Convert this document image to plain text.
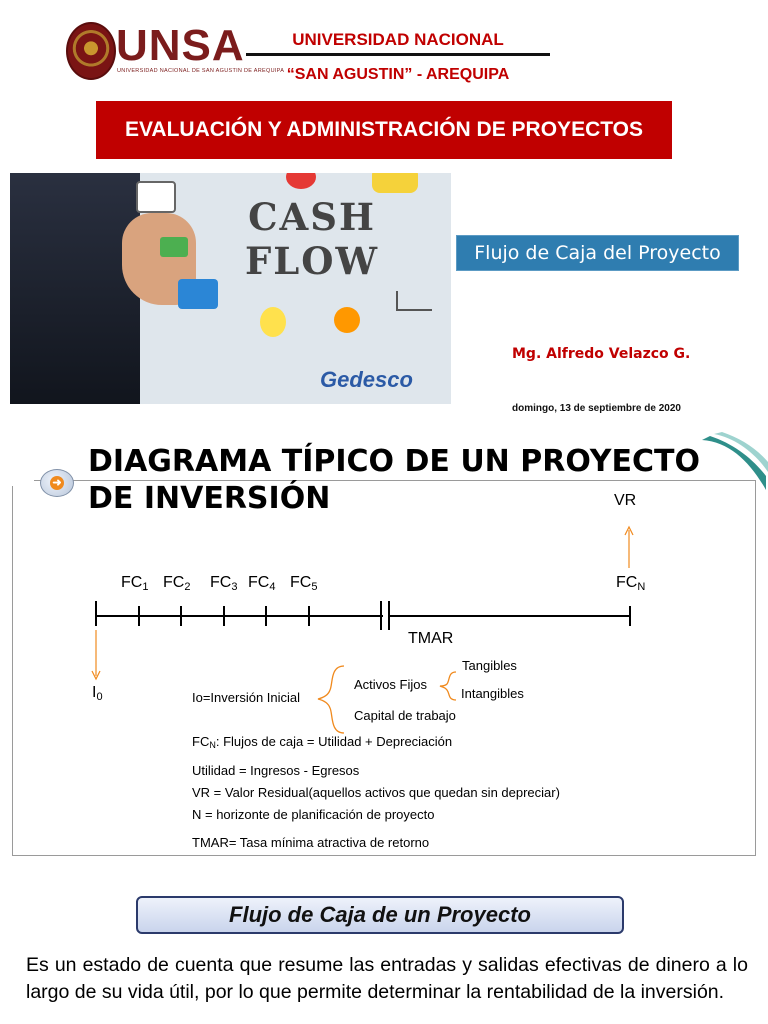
UNSA
UNIVERSIDAD NACIONAL DE SAN AGUSTIN DE AREQUIPA
UNIVERSIDAD NACIONAL
“SAN AGUSTIN” - AREQUIPA
EVALUACIÓN Y ADMINISTRACIÓN DE PROYECTOS
CASH FLOW
Gedesco
Flujo de Caja del Proyecto
Mg. Alfredo Velazco G.
domingo, 13 de septiembre de 2020
➜
DIAGRAMA TÍPICO DE UN PROYECTO DE INVERSIÓN	VR
$FC_N$
$FC_1$ $FC_2$ $FC_3$ $FC_4$ $FC_5$
TMAR
$I_0$	Io=Inversión Inicial
Activos Fijos
Tangibles
Intangibles
Capital de trabajo
$FC_N$: Flujos de caja = Utilidad + Depreciación
Utilidad = Ingresos - Egresos
VR = Valor Residual(aquellos activos que quedan sin depreciar)
N = horizonte de planificación de proyecto
TMAR= Tasa mínima atractiva de retorno
Flujo de Caja de un Proyecto
Es un estado de cuenta que resume las entradas y salidas efectivas de dinero a lo largo de su vida útil, por lo que permite determinar la rentabilidad de la inversión.
